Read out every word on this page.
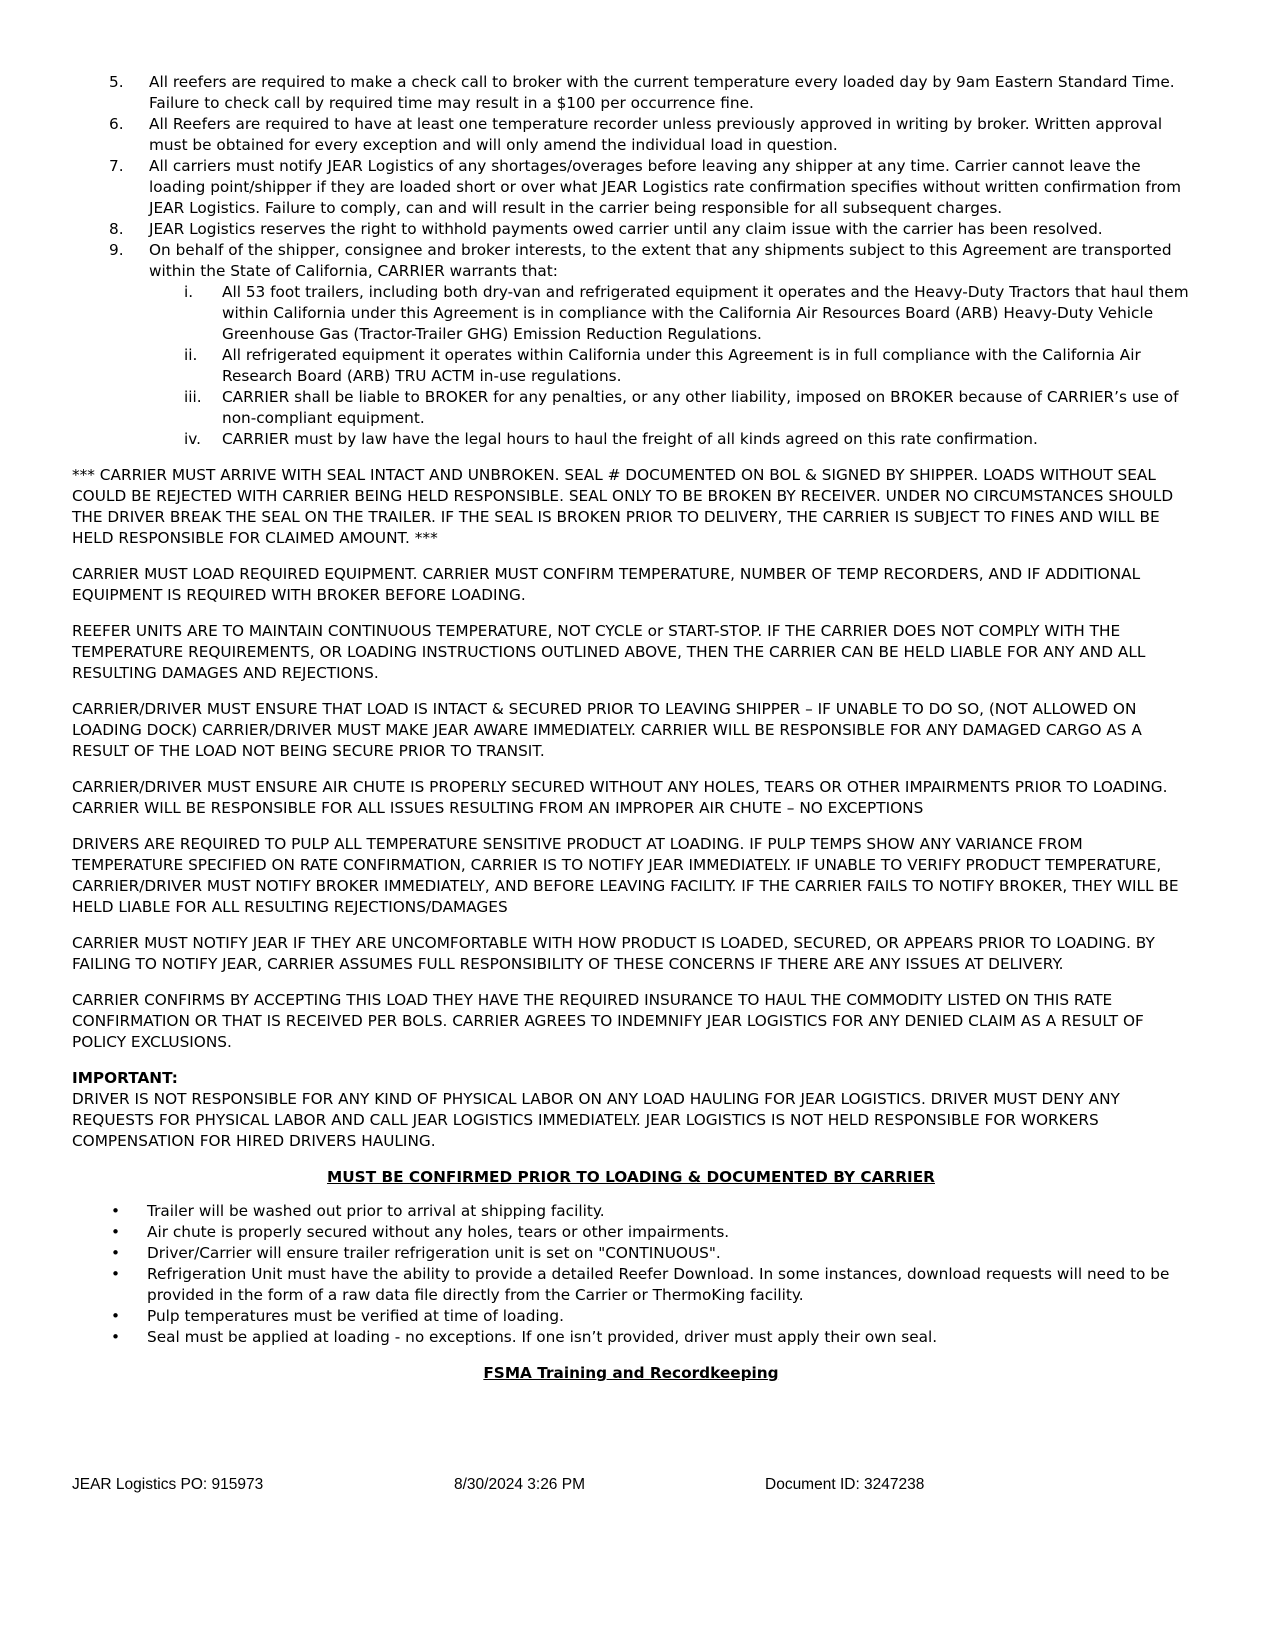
5. All reefers are required to make a check call to broker with the current temperature every loaded day by 9am Eastern Standard Time. Failure to check call by required time may result in a $100 per occurrence fine.
6. All Reefers are required to have at least one temperature recorder unless previously approved in writing by broker. Written approval must be obtained for every exception and will only amend the individual load in question.
7. All carriers must notify JEAR Logistics of any shortages/overages before leaving any shipper at any time. Carrier cannot leave the loading point/shipper if they are loaded short or over what JEAR Logistics rate confirmation specifies without written confirmation from JEAR Logistics. Failure to comply, can and will result in the carrier being responsible for all subsequent charges.
8. JEAR Logistics reserves the right to withhold payments owed carrier until any claim issue with the carrier has been resolved.
9. On behalf of the shipper, consignee and broker interests, to the extent that any shipments subject to this Agreement are transported within the State of California, CARRIER warrants that:
i. All 53 foot trailers, including both dry-van and refrigerated equipment it operates and the Heavy-Duty Tractors that haul them within California under this Agreement is in compliance with the California Air Resources Board (ARB) Heavy-Duty Vehicle Greenhouse Gas (Tractor-Trailer GHG) Emission Reduction Regulations.
ii. All refrigerated equipment it operates within California under this Agreement is in full compliance with the California Air Research Board (ARB) TRU ACTM in-use regulations.
iii. CARRIER shall be liable to BROKER for any penalties, or any other liability, imposed on BROKER because of CARRIER’s use of non-compliant equipment.
iv. CARRIER must by law have the legal hours to haul the freight of all kinds agreed on this rate confirmation.

*** CARRIER MUST ARRIVE WITH SEAL INTACT AND UNBROKEN. SEAL # DOCUMENTED ON BOL & SIGNED BY SHIPPER. LOADS WITHOUT SEAL COULD BE REJECTED WITH CARRIER BEING HELD RESPONSIBLE. SEAL ONLY TO BE BROKEN BY RECEIVER. UNDER NO CIRCUMSTANCES SHOULD THE DRIVER BREAK THE SEAL ON THE TRAILER. IF THE SEAL IS BROKEN PRIOR TO DELIVERY, THE CARRIER IS SUBJECT TO FINES AND WILL BE HELD RESPONSIBLE FOR CLAIMED AMOUNT. ***

CARRIER MUST LOAD REQUIRED EQUIPMENT. CARRIER MUST CONFIRM TEMPERATURE, NUMBER OF TEMP RECORDERS, AND IF ADDITIONAL EQUIPMENT IS REQUIRED WITH BROKER BEFORE LOADING.

REEFER UNITS ARE TO MAINTAIN CONTINUOUS TEMPERATURE, NOT CYCLE or START-STOP. IF THE CARRIER DOES NOT COMPLY WITH THE TEMPERATURE REQUIREMENTS, OR LOADING INSTRUCTIONS OUTLINED ABOVE, THEN THE CARRIER CAN BE HELD LIABLE FOR ANY AND ALL RESULTING DAMAGES AND REJECTIONS.

CARRIER/DRIVER MUST ENSURE THAT LOAD IS INTACT & SECURED PRIOR TO LEAVING SHIPPER – IF UNABLE TO DO SO, (NOT ALLOWED ON LOADING DOCK) CARRIER/DRIVER MUST MAKE JEAR AWARE IMMEDIATELY. CARRIER WILL BE RESPONSIBLE FOR ANY DAMAGED CARGO AS A RESULT OF THE LOAD NOT BEING SECURE PRIOR TO TRANSIT.

CARRIER/DRIVER MUST ENSURE AIR CHUTE IS PROPERLY SECURED WITHOUT ANY HOLES, TEARS OR OTHER IMPAIRMENTS PRIOR TO LOADING. CARRIER WILL BE RESPONSIBLE FOR ALL ISSUES RESULTING FROM AN IMPROPER AIR CHUTE – NO EXCEPTIONS

DRIVERS ARE REQUIRED TO PULP ALL TEMPERATURE SENSITIVE PRODUCT AT LOADING. IF PULP TEMPS SHOW ANY VARIANCE FROM TEMPERATURE SPECIFIED ON RATE CONFIRMATION, CARRIER IS TO NOTIFY JEAR IMMEDIATELY. IF UNABLE TO VERIFY PRODUCT TEMPERATURE, CARRIER/DRIVER MUST NOTIFY BROKER IMMEDIATELY, AND BEFORE LEAVING FACILITY. IF THE CARRIER FAILS TO NOTIFY BROKER, THEY WILL BE HELD LIABLE FOR ALL RESULTING REJECTIONS/DAMAGES

CARRIER MUST NOTIFY JEAR IF THEY ARE UNCOMFORTABLE WITH HOW PRODUCT IS LOADED, SECURED, OR APPEARS PRIOR TO LOADING. BY FAILING TO NOTIFY JEAR, CARRIER ASSUMES FULL RESPONSIBILITY OF THESE CONCERNS IF THERE ARE ANY ISSUES AT DELIVERY.

CARRIER CONFIRMS BY ACCEPTING THIS LOAD THEY HAVE THE REQUIRED INSURANCE TO HAUL THE COMMODITY LISTED ON THIS RATE CONFIRMATION OR THAT IS RECEIVED PER BOLS. CARRIER AGREES TO INDEMNIFY JEAR LOGISTICS FOR ANY DENIED CLAIM AS A RESULT OF POLICY EXCLUSIONS.

IMPORTANT:
DRIVER IS NOT RESPONSIBLE FOR ANY KIND OF PHYSICAL LABOR ON ANY LOAD HAULING FOR JEAR LOGISTICS. DRIVER MUST DENY ANY REQUESTS FOR PHYSICAL LABOR AND CALL JEAR LOGISTICS IMMEDIATELY. JEAR LOGISTICS IS NOT HELD RESPONSIBLE FOR WORKERS COMPENSATION FOR HIRED DRIVERS HAULING.
MUST BE CONFIRMED PRIOR TO LOADING & DOCUMENTED BY CARRIER
• Trailer will be washed out prior to arrival at shipping facility.
• Air chute is properly secured without any holes, tears or other impairments.
• Driver/Carrier will ensure trailer refrigeration unit is set on "CONTINUOUS".
• Refrigeration Unit must have the ability to provide a detailed Reefer Download. In some instances, download requests will need to be provided in the form of a raw data file directly from the Carrier or ThermoKing facility.
• Pulp temperatures must be verified at time of loading.
• Seal must be applied at loading - no exceptions. If one isn’t provided, driver must apply their own seal.
FSMA Training and Recordkeeping
JEAR Logistics PO: 915973	8/30/2024 3:26 PM	Document ID: 3247238
